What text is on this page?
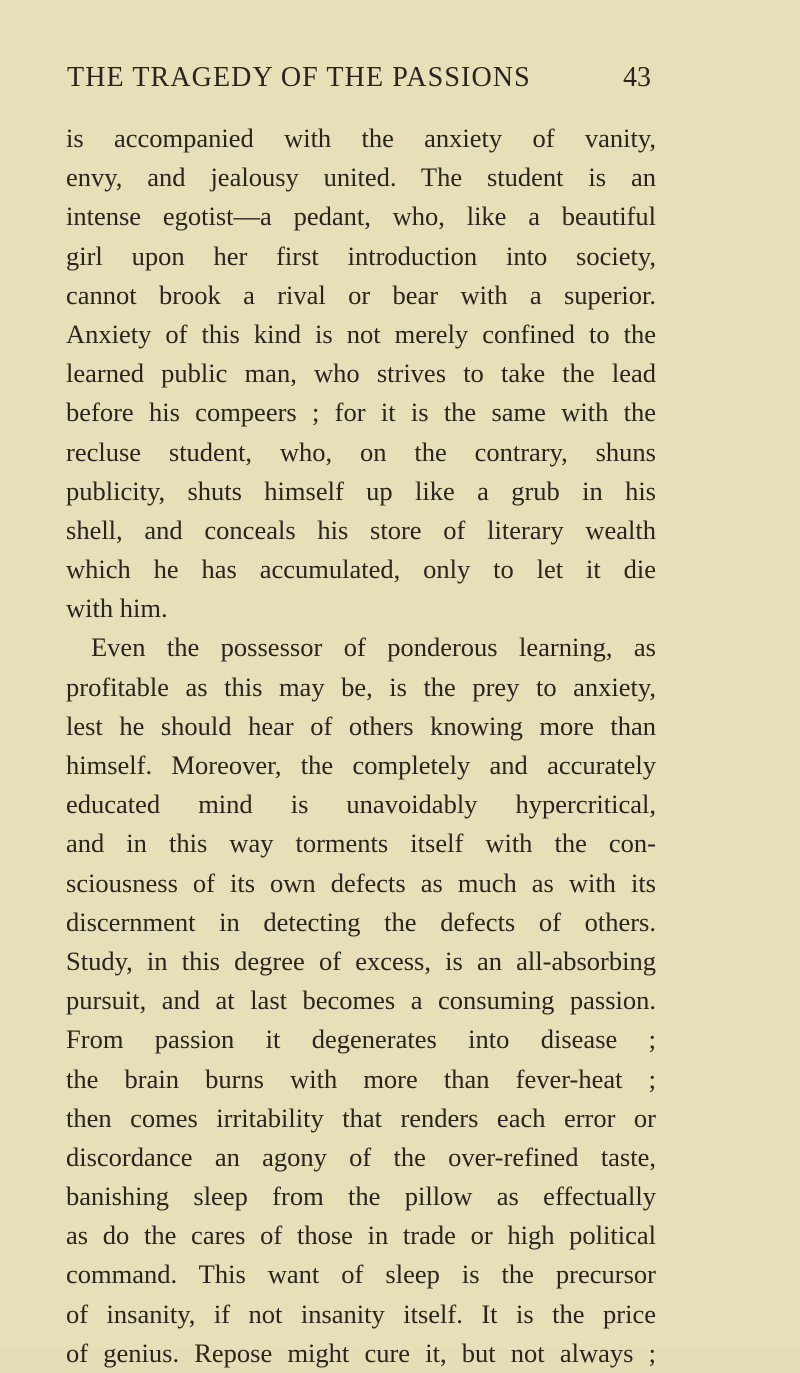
THE TRAGEDY OF THE PASSIONS	43
is accompanied with the anxiety of vanity,
envy, and jealousy united. The student is an
intense egotist—a pedant, who, like a beautiful
girl upon her first introduction into society,
cannot brook a rival or bear with a superior.
Anxiety of this kind is not merely confined to the
learned public man, who strives to take the lead
before his compeers ; for it is the same with the
recluse student, who, on the contrary, shuns
publicity, shuts himself up like a grub in his
shell, and conceals his store of literary wealth
which he has accumulated, only to let it die
with him.
Even the possessor of ponderous learning, as
profitable as this may be, is the prey to anxiety,
lest he should hear of others knowing more than
himself. Moreover, the completely and accurately
educated mind is unavoidably hypercritical,
and in this way torments itself with the con-
sciousness of its own defects as much as with its
discernment in detecting the defects of others.
Study, in this degree of excess, is an all-absorbing
pursuit, and at last becomes a consuming passion.
From passion it degenerates into disease ;
the brain burns with more than fever-heat ;
then comes irritability that renders each error or
discordance an agony of the over-refined taste,
banishing sleep from the pillow as effectually
as do the cares of those in trade or high political
command. This want of sleep is the precursor
of insanity, if not insanity itself. It is the price
of genius. Repose might cure it, but not always ;
